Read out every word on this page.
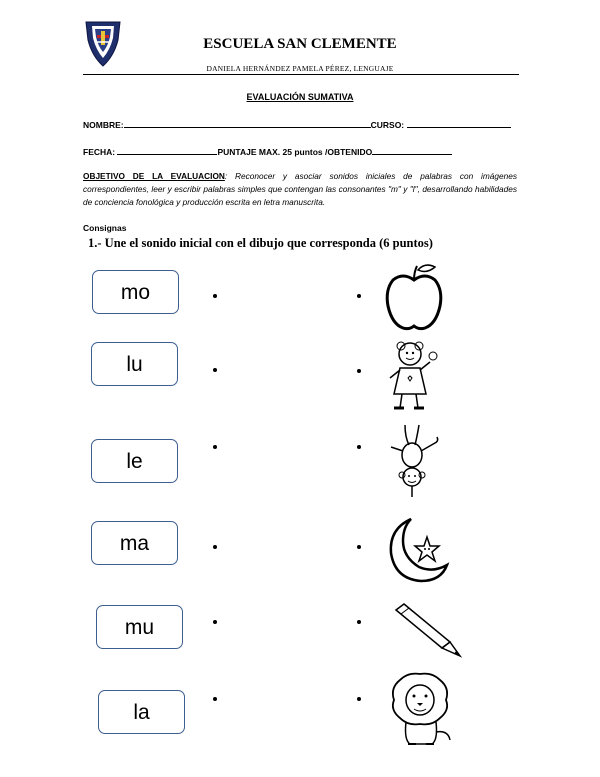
ESCUELA SAN CLEMENTE
DANIELA HERNÁNDEZ PAMELA PÉREZ, LENGUAJE
EVALUACIÓN SUMATIVA
NOMBRE:	CURSO:
FECHA:	PUNTAJE MAX. 25 puntos /OBTENIDO
OBJETIVO DE LA EVALUACION: Reconocer y asociar sonidos iniciales de palabras con imágenes correspondientes, leer y escribir palabras simples que contengan las consonantes "m" y "l", desarrollando habilidades de conciencia fonológica y producción escrita en letra manuscrita.
Consignas
1.- Une el sonido inicial con el dibujo que corresponda (6 puntos)
mo
lu
le
ma
mu
la
